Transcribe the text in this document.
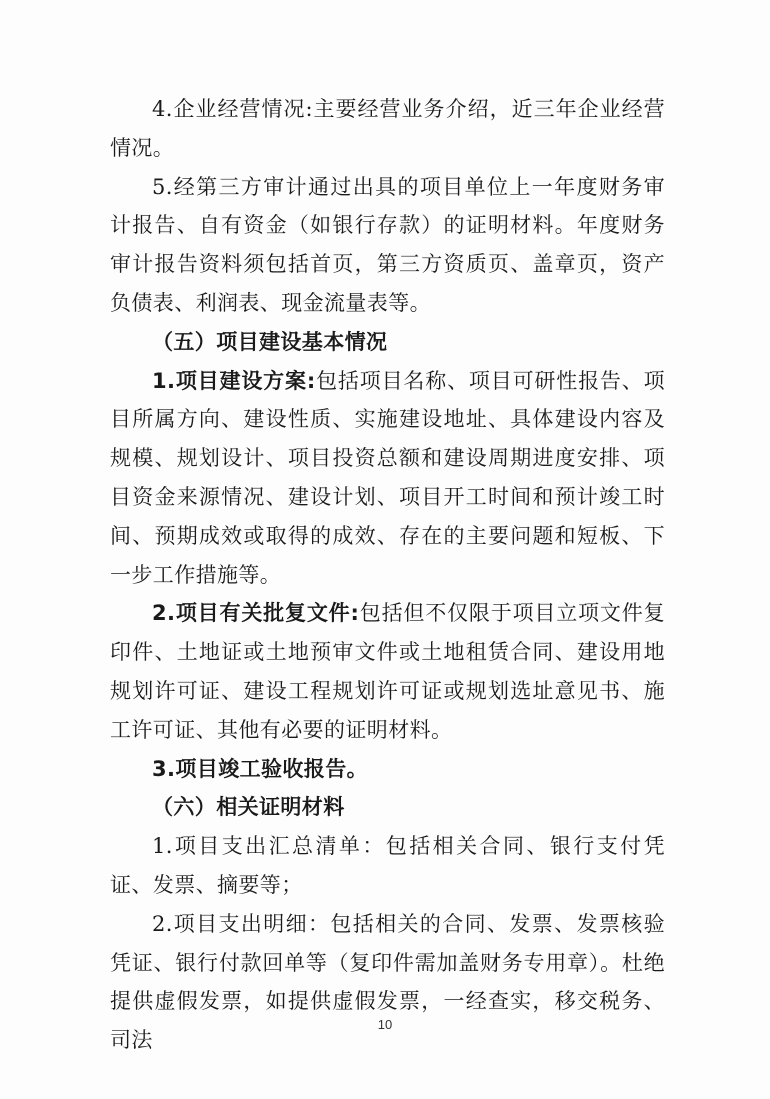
4.企业经营情况:主要经营业务介绍，近三年企业经营情况。

5.经第三方审计通过出具的项目单位上一年度财务审计报告、自有资金（如银行存款）的证明材料。年度财务审计报告资料须包括首页，第三方资质页、盖章页，资产负债表、利润表、现金流量表等。

（五）项目建设基本情况

1.项目建设方案:包括项目名称、项目可研性报告、项目所属方向、建设性质、实施建设地址、具体建设内容及规模、规划设计、项目投资总额和建设周期进度安排、项目资金来源情况、建设计划、项目开工时间和预计竣工时间、预期成效或取得的成效、存在的主要问题和短板、下一步工作措施等。

2.项目有关批复文件:包括但不仅限于项目立项文件复印件、土地证或土地预审文件或土地租赁合同、建设用地规划许可证、建设工程规划许可证或规划选址意见书、施工许可证、其他有必要的证明材料。

3.项目竣工验收报告。

（六）相关证明材料

1.项目支出汇总清单：包括相关合同、银行支付凭证、发票、摘要等；

2.项目支出明细：包括相关的合同、发票、发票核验凭证、银行付款回单等（复印件需加盖财务专用章）。杜绝提供虚假发票，如提供虚假发票，一经查实，移交税务、司法

10
